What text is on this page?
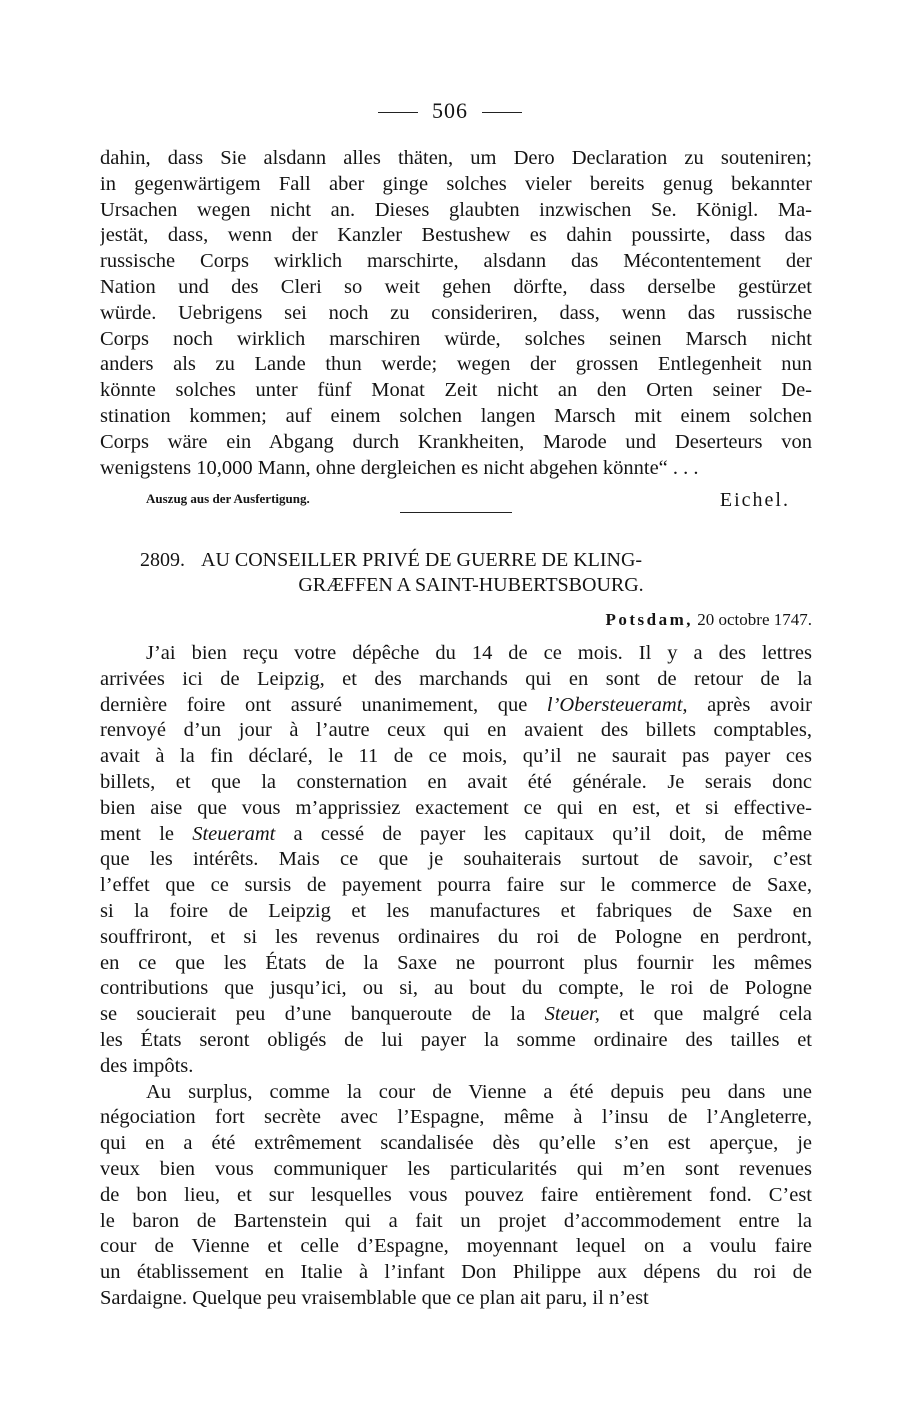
506
dahin, dass Sie alsdann alles thäten, um Dero Declaration zu souteniren;
in gegenwärtigem Fall aber ginge solches vieler bereits genug bekannter
Ursachen wegen nicht an. Dieses glaubten inzwischen Se. Königl. Ma-
jestät, dass, wenn der Kanzler Bestushew es dahin poussirte, dass das
russische Corps wirklich marschirte, alsdann das Mécontentement der
Nation und des Cleri so weit gehen dörfte, dass derselbe gestürzet
würde. Uebrigens sei noch zu consideriren, dass, wenn das russische
Corps noch wirklich marschiren würde, solches seinen Marsch nicht
anders als zu Lande thun werde; wegen der grossen Entlegenheit nun
könnte solches unter fünf Monat Zeit nicht an den Orten seiner De-
stination kommen; auf einem solchen langen Marsch mit einem solchen
Corps wäre ein Abgang durch Krankheiten, Marode und Deserteurs von
wenigstens 10,000 Mann, ohne dergleichen es nicht abgehen könnte“ . . .
Auszug aus der Ausfertigung.	Eichel.
2809. AU CONSEILLER PRIVÉ DE GUERRE DE KLING-
GRÆFFEN A SAINT-HUBERTSBOURG.
Potsdam, 20 octobre 1747.
J’ai bien reçu votre dépêche du 14 de ce mois. Il y a des lettres
arrivées ici de Leipzig, et des marchands qui en sont de retour de la
dernière foire ont assuré unanimement, que l’Obersteueramt, après avoir
renvoyé d’un jour à l’autre ceux qui en avaient des billets comptables,
avait à la fin déclaré, le 11 de ce mois, qu’il ne saurait pas payer ces
billets, et que la consternation en avait été générale. Je serais donc
bien aise que vous m’apprissiez exactement ce qui en est, et si effective-
ment le Steueramt a cessé de payer les capitaux qu’il doit, de même
que les intérêts. Mais ce que je souhaiterais surtout de savoir, c’est
l’effet que ce sursis de payement pourra faire sur le commerce de Saxe,
si la foire de Leipzig et les manufactures et fabriques de Saxe en
souffriront, et si les revenus ordinaires du roi de Pologne en perdront,
en ce que les États de la Saxe ne pourront plus fournir les mêmes
contributions que jusqu’ici, ou si, au bout du compte, le roi de Pologne
se soucierait peu d’une banqueroute de la Steuer, et que malgré cela
les États seront obligés de lui payer la somme ordinaire des tailles et
des impôts.
Au surplus, comme la cour de Vienne a été depuis peu dans une
négociation fort secrète avec l’Espagne, même à l’insu de l’Angleterre,
qui en a été extrêmement scandalisée dès qu’elle s’en est aperçue, je
veux bien vous communiquer les particularités qui m’en sont revenues
de bon lieu, et sur lesquelles vous pouvez faire entièrement fond. C’est
le baron de Bartenstein qui a fait un projet d’accommodement entre la
cour de Vienne et celle d’Espagne, moyennant lequel on a voulu faire
un établissement en Italie à l’infant Don Philippe aux dépens du roi de
Sardaigne. Quelque peu vraisemblable que ce plan ait paru, il n’est
